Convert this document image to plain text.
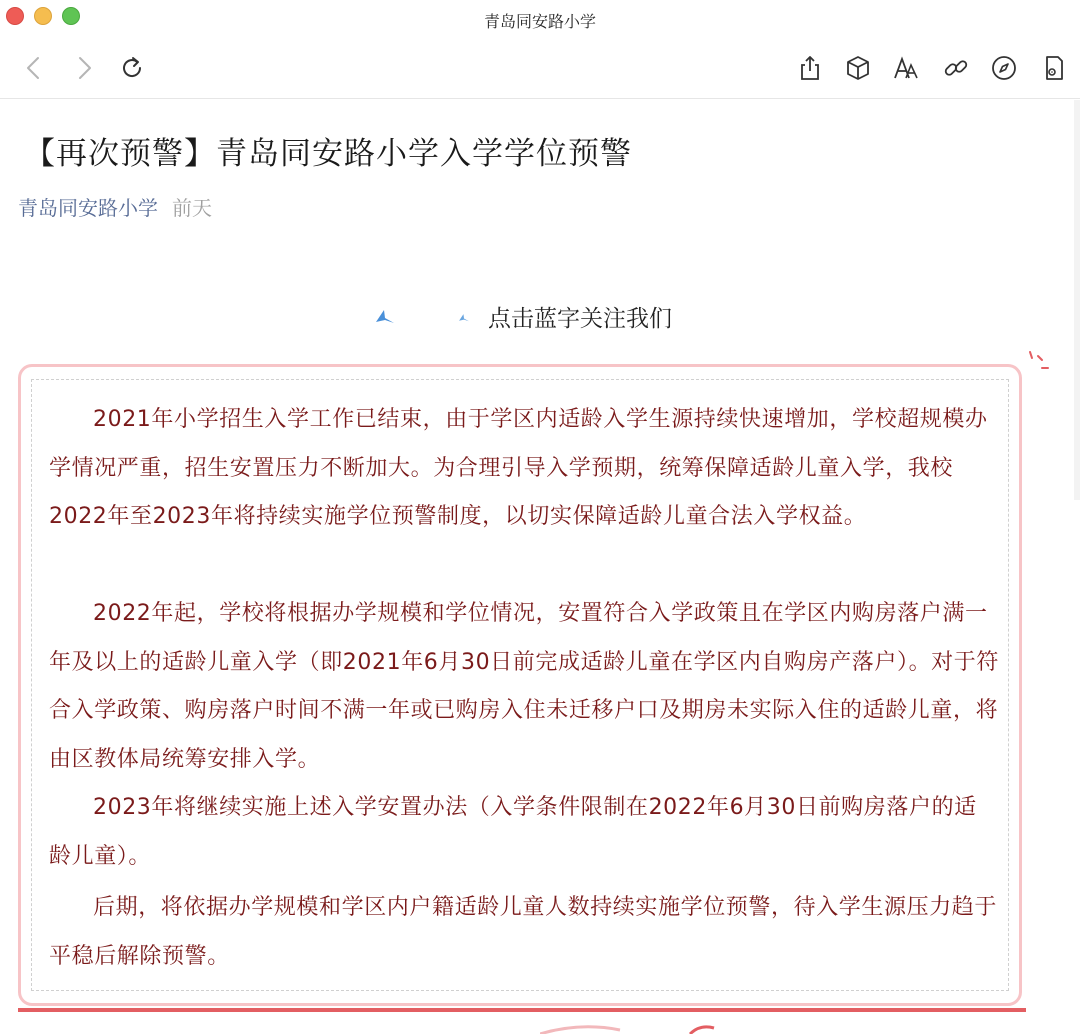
青岛同安路小学
【再次预警】青岛同安路小学入学学位预警
青岛同安路小学 前天
点击蓝字关注我们

2021年小学招生入学工作已结束，由于学区内适龄入学生源持续快速增加，学校超规模办学情况严重，招生安置压力不断加大。为合理引导入学预期，统筹保障适龄儿童入学，我校2022年至2023年将持续实施学位预警制度，以切实保障适龄儿童合法入学权益。

2022年起，学校将根据办学规模和学位情况，安置符合入学政策且在学区内购房落户满一年及以上的适龄儿童入学（即2021年6月30日前完成适龄儿童在学区内自购房产落户）。对于符合入学政策、购房落户时间不满一年或已购房入住未迁移户口及期房未实际入住的适龄儿童，将由区教体局统筹安排入学。

2023年将继续实施上述入学安置办法（入学条件限制在2022年6月30日前购房落户的适龄儿童）。

后期，将依据办学规模和学区内户籍适龄儿童人数持续实施学位预警，待入学生源压力趋于平稳后解除预警。
